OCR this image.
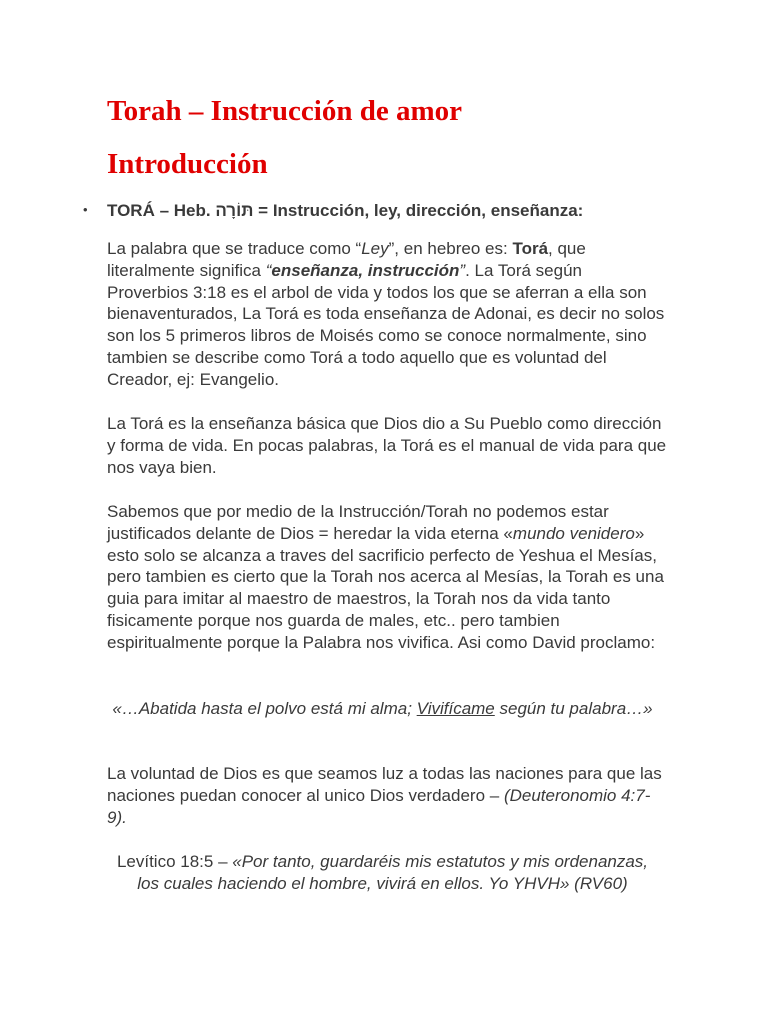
Torah – Instrucción de amor
Introducción
• TORÁ – Heb. תּוֹרָה = Instrucción, ley, dirección, enseñanza:

La palabra que se traduce como “Ley”, en hebreo es: Torá, que literalmente significa “enseñanza, instrucción”. La Torá según Proverbios 3:18 es el arbol de vida y todos los que se aferran a ella son bienaventurados, La Torá es toda enseñanza de Adonai, es decir no solos son los 5 primeros libros de Moisés como se conoce normalmente, sino tambien se describe como Torá a todo aquello que es voluntad del Creador, ej: Evangelio.

La Torá es la enseñanza básica que Dios dio a Su Pueblo como dirección y forma de vida. En pocas palabras, la Torá es el manual de vida para que nos vaya bien.

Sabemos que por medio de la Instrucción/Torah no podemos estar justificados delante de Dios = heredar la vida eterna «mundo venidero» esto solo se alcanza a traves del sacrificio perfecto de Yeshua el Mesías, pero tambien es cierto que la Torah nos acerca al Mesías, la Torah es una guia para imitar al maestro de maestros, la Torah nos da vida tanto fisicamente porque nos guarda de males, etc.. pero tambien espiritualmente porque la Palabra nos vivifica. Asi como David proclamo:

«…Abatida hasta el polvo está mi alma; Vivifícame según tu palabra…»

La voluntad de Dios es que seamos luz a todas las naciones para que las naciones puedan conocer al unico Dios verdadero – (Deuteronomio 4:7-9).

Levítico 18:5 – «Por tanto, guardaréis mis estatutos y mis ordenanzas, los cuales haciendo el hombre, vivirá en ellos. Yo YHVH» (RV60)
